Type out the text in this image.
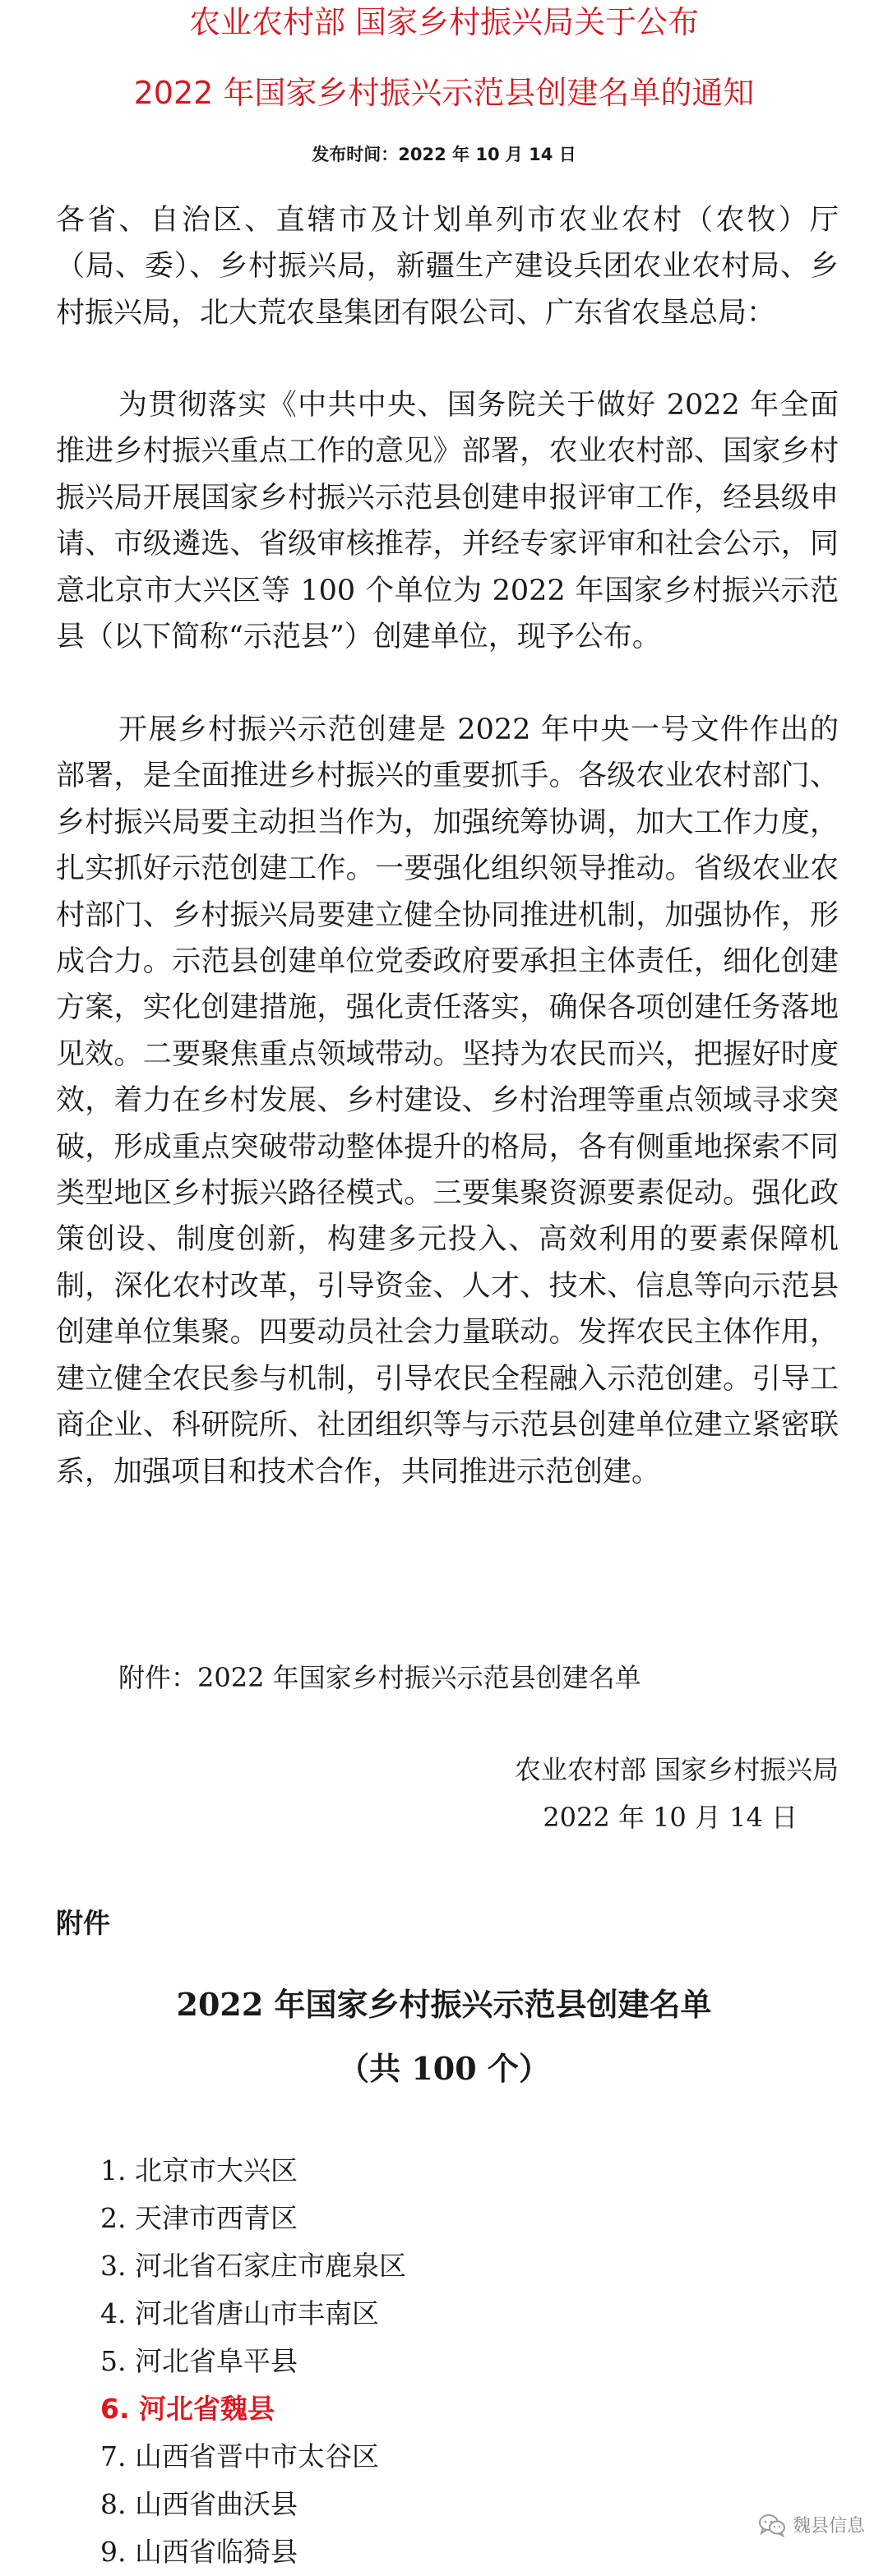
农业农村部 国家乡村振兴局关于公布
2022 年国家乡村振兴示范县创建名单的通知
发布时间：2022 年 10 月 14 日

各省、自治区、直辖市及计划单列市农业农村（农牧）厅（局、委）、乡村振兴局，新疆生产建设兵团农业农村局、乡村振兴局，北大荒农垦集团有限公司、广东省农垦总局：

为贯彻落实《中共中央、国务院关于做好 2022 年全面推进乡村振兴重点工作的意见》部署，农业农村部、国家乡村振兴局开展国家乡村振兴示范县创建申报评审工作，经县级申请、市级遴选、省级审核推荐，并经专家评审和社会公示，同意北京市大兴区等 100 个单位为 2022 年国家乡村振兴示范县（以下简称“示范县”）创建单位，现予公布。

开展乡村振兴示范创建是 2022 年中央一号文件作出的部署，是全面推进乡村振兴的重要抓手。各级农业农村部门、乡村振兴局要主动担当作为，加强统筹协调，加大工作力度，扎实抓好示范创建工作。一要强化组织领导推动。省级农业农村部门、乡村振兴局要建立健全协同推进机制，加强协作，形成合力。示范县创建单位党委政府要承担主体责任，细化创建方案，实化创建措施，强化责任落实，确保各项创建任务落地见效。二要聚焦重点领域带动。坚持为农民而兴，把握好时度效，着力在乡村发展、乡村建设、乡村治理等重点领域寻求突破，形成重点突破带动整体提升的格局，各有侧重地探索不同类型地区乡村振兴路径模式。三要集聚资源要素促动。强化政策创设、制度创新，构建多元投入、高效利用的要素保障机制，深化农村改革，引导资金、人才、技术、信息等向示范县创建单位集聚。四要动员社会力量联动。发挥农民主体作用，建立健全农民参与机制，引导农民全程融入示范创建。引导工商企业、科研院所、社团组织等与示范县创建单位建立紧密联系，加强项目和技术合作，共同推进示范创建。

附件：2022 年国家乡村振兴示范县创建名单
农业农村部 国家乡村振兴局
2022 年 10 月 14 日
附件
2022 年国家乡村振兴示范县创建名单
（共 100 个）
1. 北京市大兴区
2. 天津市西青区
3. 河北省石家庄市鹿泉区
4. 河北省唐山市丰南区
5. 河北省阜平县
6. 河北省魏县
7. 山西省晋中市太谷区
8. 山西省曲沃县
9. 山西省临猗县
魏县信息
